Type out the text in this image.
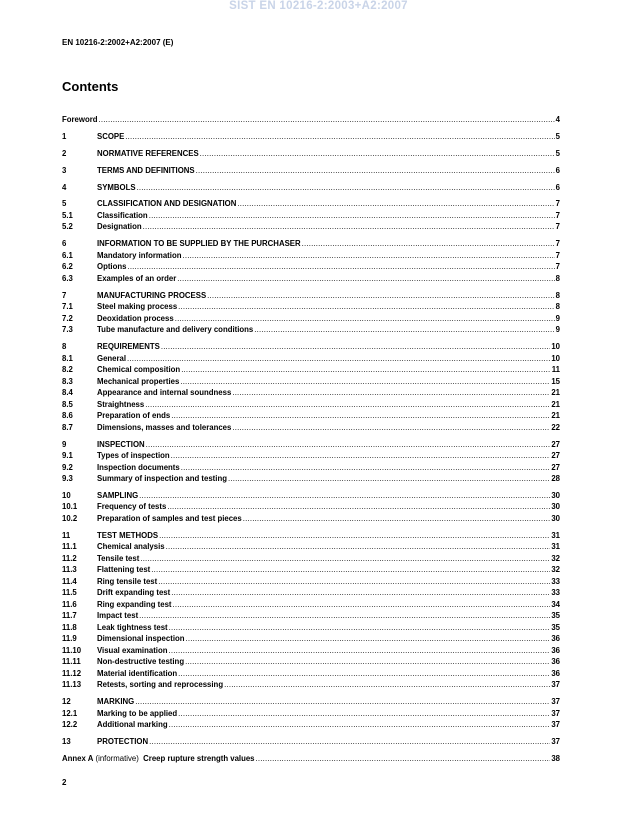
SIST EN 10216-2:2003+A2:2007
EN 10216-2:2002+A2:2007 (E)
Contents
Foreword .....	4
1	SCOPE .....	5
2	NORMATIVE REFERENCES .....	5
3	TERMS AND DEFINITIONS .....	6
4	SYMBOLS .....	6
5	CLASSIFICATION AND DESIGNATION .....	7
5.1	Classification .....	7
5.2	Designation .....	7
6	INFORMATION TO BE SUPPLIED BY THE PURCHASER .....	7
6.1	Mandatory information .....	7
6.2	Options .....	7
6.3	Examples of an order .....	8
7	MANUFACTURING PROCESS .....	8
7.1	Steel making process .....	8
7.2	Deoxidation process .....	9
7.3	Tube manufacture and delivery conditions .....	9
8	REQUIREMENTS .....	10
8.1	General .....	10
8.2	Chemical composition .....	11
8.3	Mechanical properties .....	15
8.4	Appearance and internal soundness .....	21
8.5	Straightness .....	21
8.6	Preparation of ends .....	21
8.7	Dimensions, masses and tolerances .....	22
9	INSPECTION .....	27
9.1	Types of inspection .....	27
9.2	Inspection documents .....	27
9.3	Summary of inspection and testing .....	28
10	SAMPLING .....	30
10.1	Frequency of tests .....	30
10.2	Preparation of samples and test pieces .....	30
11	TEST METHODS .....	31
11.1	Chemical analysis .....	31
11.2	Tensile test .....	32
11.3	Flattening test .....	32
11.4	Ring tensile test .....	33
11.5	Drift expanding test .....	33
11.6	Ring expanding test .....	34
11.7	Impact test .....	35
11.8	Leak tightness test .....	35
11.9	Dimensional inspection .....	36
11.10	Visual examination .....	36
11.11	Non-destructive testing .....	36
11.12	Material identification .....	36
11.13	Retests, sorting and reprocessing .....	37
12	MARKING .....	37
12.1	Marking to be applied .....	37
12.2	Additional marking .....	37
13	PROTECTION .....	37
Annex A (informative)  Creep rupture strength values .....	38
2
